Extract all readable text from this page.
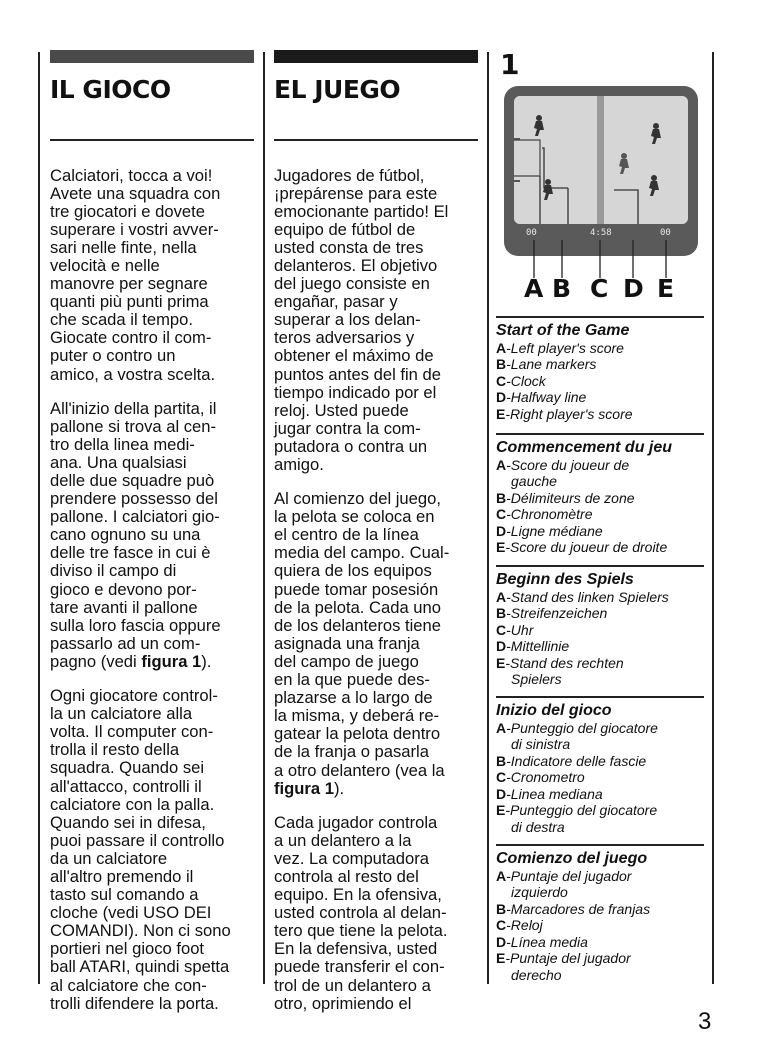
IL GIOCO

Calciatori, tocca a voi!
Avete una squadra con
tre giocatori e dovete
superare i vostri avver-
sari nelle finte, nella
velocità e nelle
manovre per segnare
quanti più punti prima
che scada il tempo.
Giocate contro il com-
puter o contro un
amico, a vostra scelta.

All'inizio della partita, il
pallone si trova al cen-
tro della linea medi-
ana. Una qualsiasi
delle due squadre può
prendere possesso del
pallone. I calciatori gio-
cano ognuno su una
delle tre fasce in cui è
diviso il campo di
gioco e devono por-
tare avanti il pallone
sulla loro fascia oppure
passarlo ad un com-
pagno (vedi figura 1).

Ogni giocatore control-
la un calciatore alla
volta. Il computer con-
trolla il resto della
squadra. Quando sei
all'attacco, controlli il
calciatore con la palla.
Quando sei in difesa,
puoi passare il controllo
da un calciatore
all'altro premendo il
tasto sul comando a
cloche (vedi USO DEI
COMANDI). Non ci sono
portieri nel gioco foot
ball ATARI, quindi spetta
al calciatore che con-
trolli difendere la porta.

EL JUEGO

Jugadores de fútbol,
¡prepárense para este
emocionante partido! El
equipo de fútbol de
usted consta de tres
delanteros. El objetivo
del juego consiste en
engañar, pasar y
superar a los delan-
teros adversarios y
obtener el máximo de
puntos antes del fin de
tiempo indicado por el
reloj. Usted puede
jugar contra la com-
putadora o contra un
amigo.

Al comienzo del juego,
la pelota se coloca en
el centro de la línea
media del campo. Cual-
quiera de los equipos
puede tomar posesión
de la pelota. Cada uno
de los delanteros tiene
asignada una franja
del campo de juego
en la que puede des-
plazarse a lo largo de
la misma, y deberá re-
gatear la pelota dentro
de la franja o pasarla
a otro delantero (vea la
figura 1).

Cada jugador controla
a un delantero a la
vez. La computadora
controla al resto del
equipo. En la ofensiva,
usted controla al delan-
tero que tiene la pelota.
En la defensiva, usted
puede transferir el con-
trol de un delantero a
otro, oprimiendo el

1
00	4:58	00
A B C D E
Start of the Game
A-Left player's score
B-Lane markers
C-Clock
D-Halfway line
E-Right player's score
Commencement du jeu
A-Score du joueur de
gauche
B-Délimiteurs de zone
C-Chronomètre
D-Ligne médiane
E-Score du joueur de droite
Beginn des Spiels
A-Stand des linken Spielers
B-Streifenzeichen
C-Uhr
D-Mittellinie
E-Stand des rechten
Spielers
Inizio del gioco
A-Punteggio del giocatore
di sinistra
B-Indicatore delle fascie
C-Cronometro
D-Linea mediana
E-Punteggio del giocatore
di destra
Comienzo del juego
A-Puntaje del jugador
izquierdo
B-Marcadores de franjas
C-Reloj
D-Línea media
E-Puntaje del jugador
derecho
3
